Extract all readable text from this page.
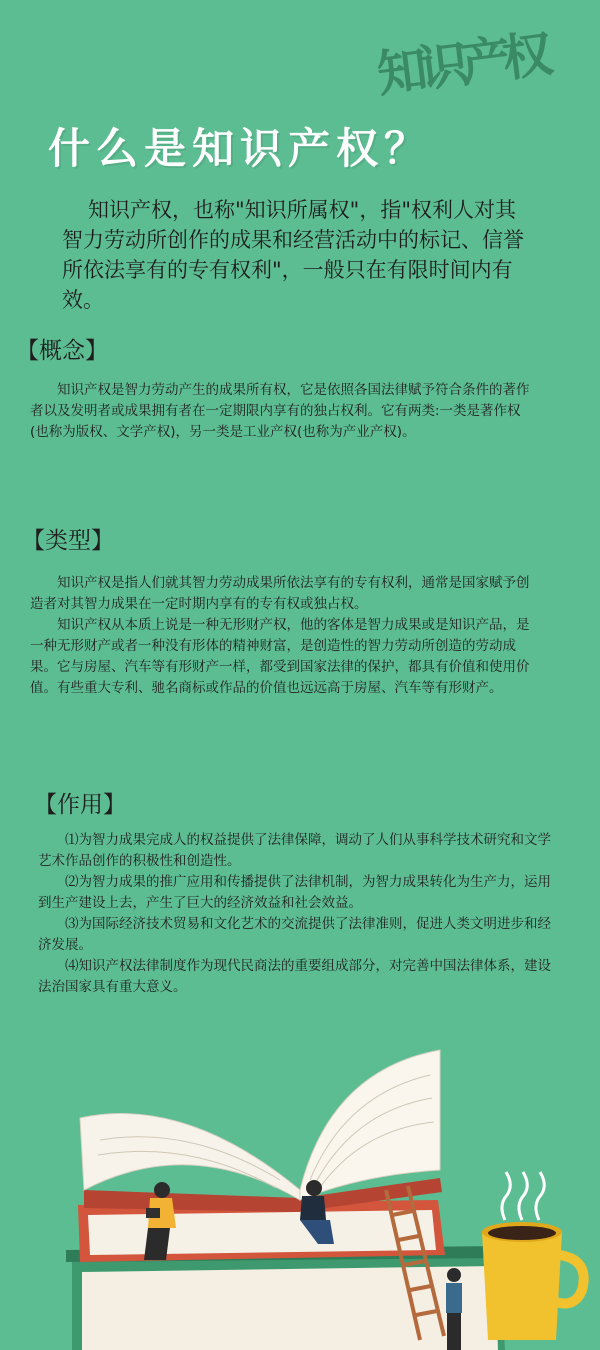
知识产权
什么是知识产权？
知识产权，也称"知识所属权"，指"权利人对其智力劳动所创作的成果和经营活动中的标记、信誉所依法享有的专有权利"，一般只在有限时间内有效。
【概念】

知识产权是智力劳动产生的成果所有权，它是依照各国法律赋予符合条件的著作者以及发明者或成果拥有者在一定期限内享有的独占权利。它有两类:一类是著作权(也称为版权、文学产权)，另一类是工业产权(也称为产业产权)。

【类型】

知识产权是指人们就其智力劳动成果所依法享有的专有权利，通常是国家赋予创造者对其智力成果在一定时期内享有的专有权或独占权。

知识产权从本质上说是一种无形财产权，他的客体是智力成果或是知识产品，是一种无形财产或者一种没有形体的精神财富，是创造性的智力劳动所创造的劳动成果。它与房屋、汽车等有形财产一样，都受到国家法律的保护，都具有价值和使用价值。有些重大专利、驰名商标或作品的价值也远远高于房屋、汽车等有形财产。

【作用】

⑴为智力成果完成人的权益提供了法律保障，调动了人们从事科学技术研究和文学艺术作品创作的积极性和创造性。

⑵为智力成果的推广应用和传播提供了法律机制，为智力成果转化为生产力，运用到生产建设上去，产生了巨大的经济效益和社会效益。

⑶为国际经济技术贸易和文化艺术的交流提供了法律准则，促进人类文明进步和经济发展。

⑷知识产权法律制度作为现代民商法的重要组成部分，对完善中国法律体系，建设法治国家具有重大意义。
